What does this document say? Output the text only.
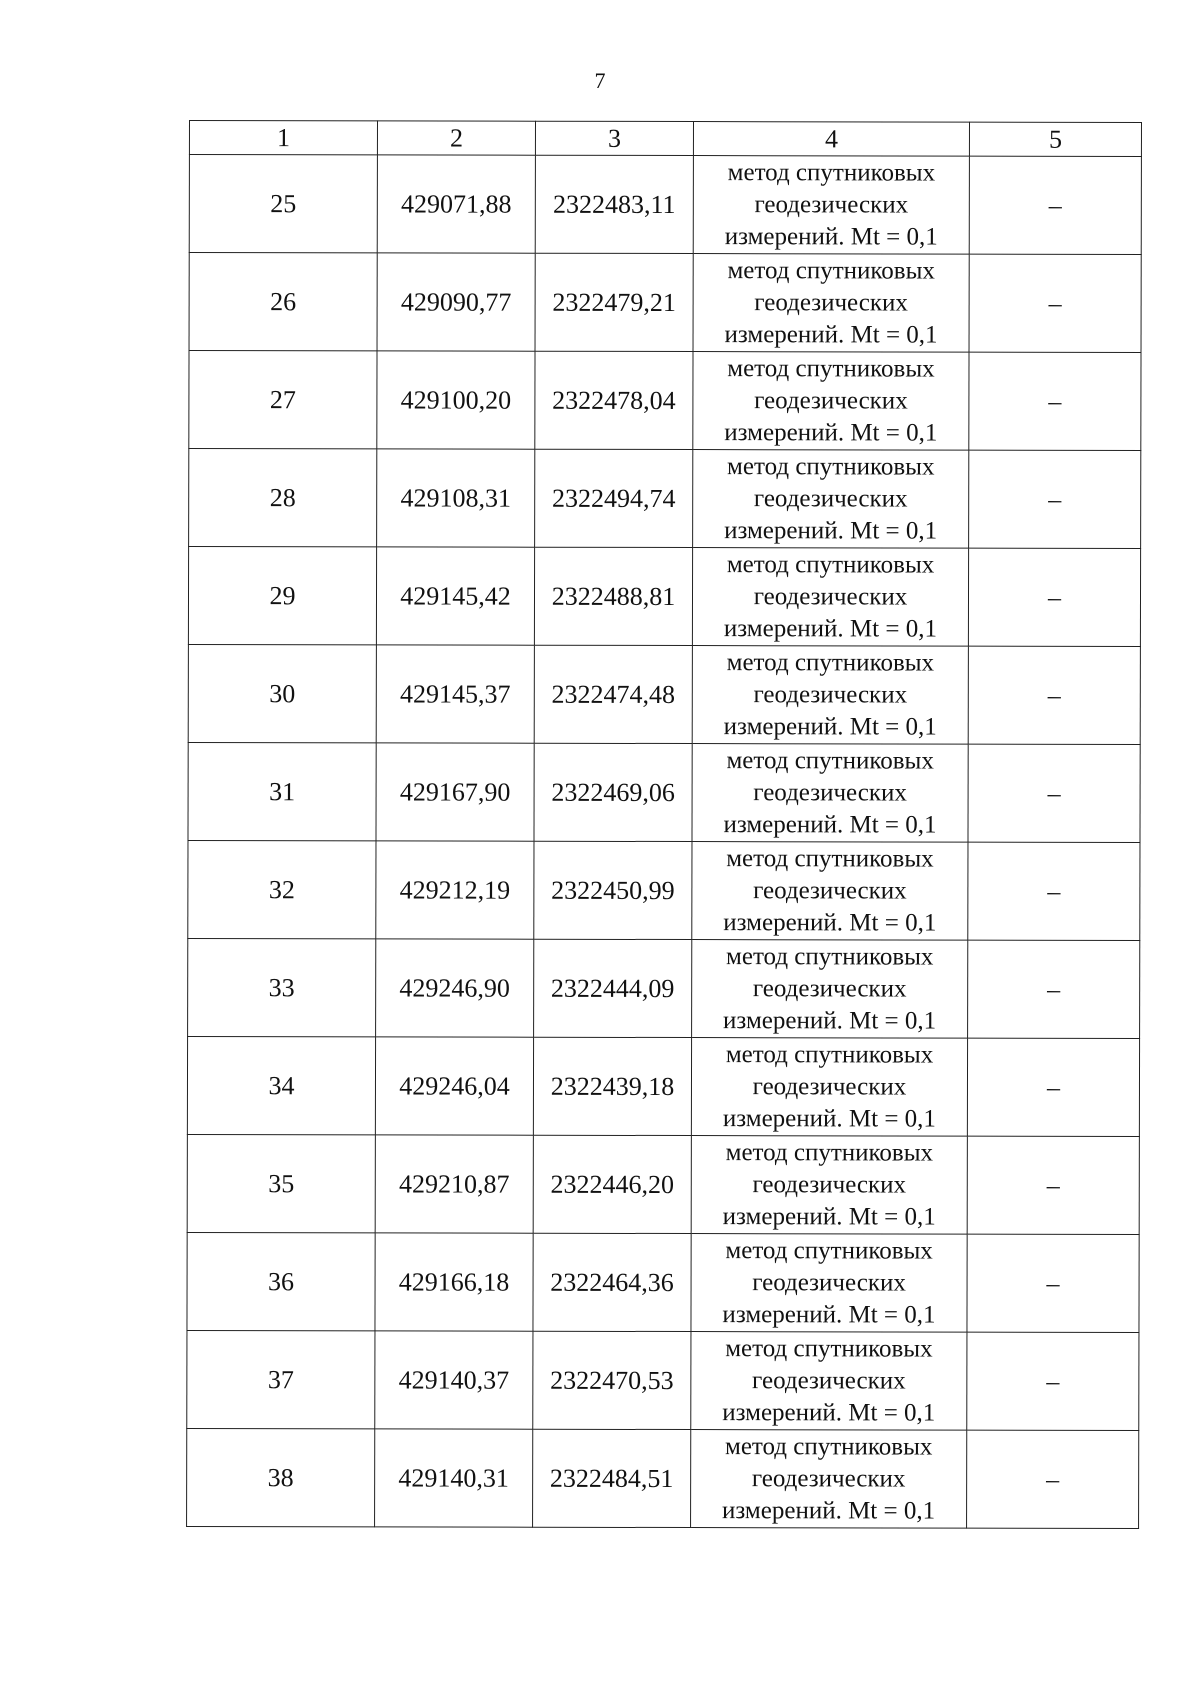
7
1	2	3	4	5
25	429071,88	2322483,11	метод спутниковых
геодезических
измерений. Mt = 0,1	–
26	429090,77	2322479,21	метод спутниковых
геодезических
измерений. Mt = 0,1	–
27	429100,20	2322478,04	метод спутниковых
геодезических
измерений. Mt = 0,1	–
28	429108,31	2322494,74	метод спутниковых
геодезических
измерений. Mt = 0,1	–
29	429145,42	2322488,81	метод спутниковых
геодезических
измерений. Mt = 0,1	–
30	429145,37	2322474,48	метод спутниковых
геодезических
измерений. Mt = 0,1	–
31	429167,90	2322469,06	метод спутниковых
геодезических
измерений. Mt = 0,1	–
32	429212,19	2322450,99	метод спутниковых
геодезических
измерений. Mt = 0,1	–
33	429246,90	2322444,09	метод спутниковых
геодезических
измерений. Mt = 0,1	–
34	429246,04	2322439,18	метод спутниковых
геодезических
измерений. Mt = 0,1	–
35	429210,87	2322446,20	метод спутниковых
геодезических
измерений. Mt = 0,1	–
36	429166,18	2322464,36	метод спутниковых
геодезических
измерений. Mt = 0,1	–
37	429140,37	2322470,53	метод спутниковых
геодезических
измерений. Mt = 0,1	–
38	429140,31	2322484,51	метод спутниковых
геодезических
измерений. Mt = 0,1	–
